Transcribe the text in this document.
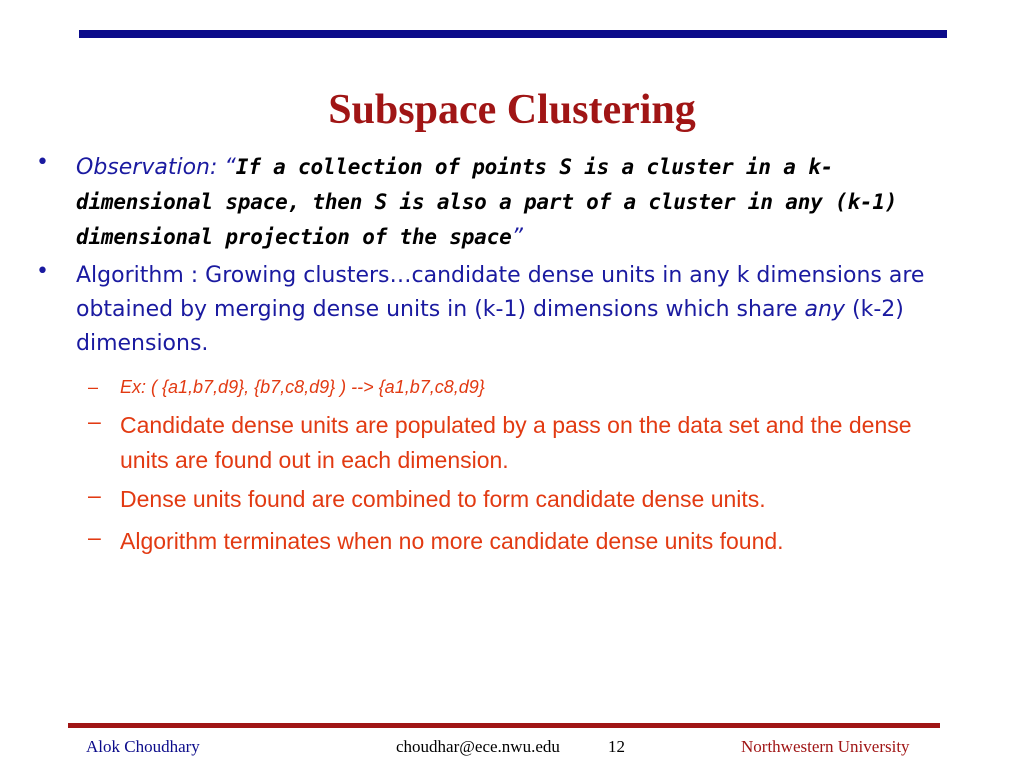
Subspace Clustering
• Observation: “If a collection of points S is a cluster in a k-dimensional space, then S is also a part of a cluster in any (k-1) dimensional projection of the space”
• Algorithm : Growing clusters…candidate dense units in any k dimensions are obtained by merging dense units in (k-1) dimensions which share any (k-2) dimensions.
– Ex: ( {a1,b7,d9}, {b7,c8,d9} ) --> {a1,b7,c8,d9}
– Candidate dense units are populated by a pass on the data set and the dense units are found out in each dimension.
– Dense units found are combined to form candidate dense units.
– Algorithm terminates when no more candidate dense units found.
Alok Choudhary	choudhar@ece.nwu.edu	12	Northwestern University
